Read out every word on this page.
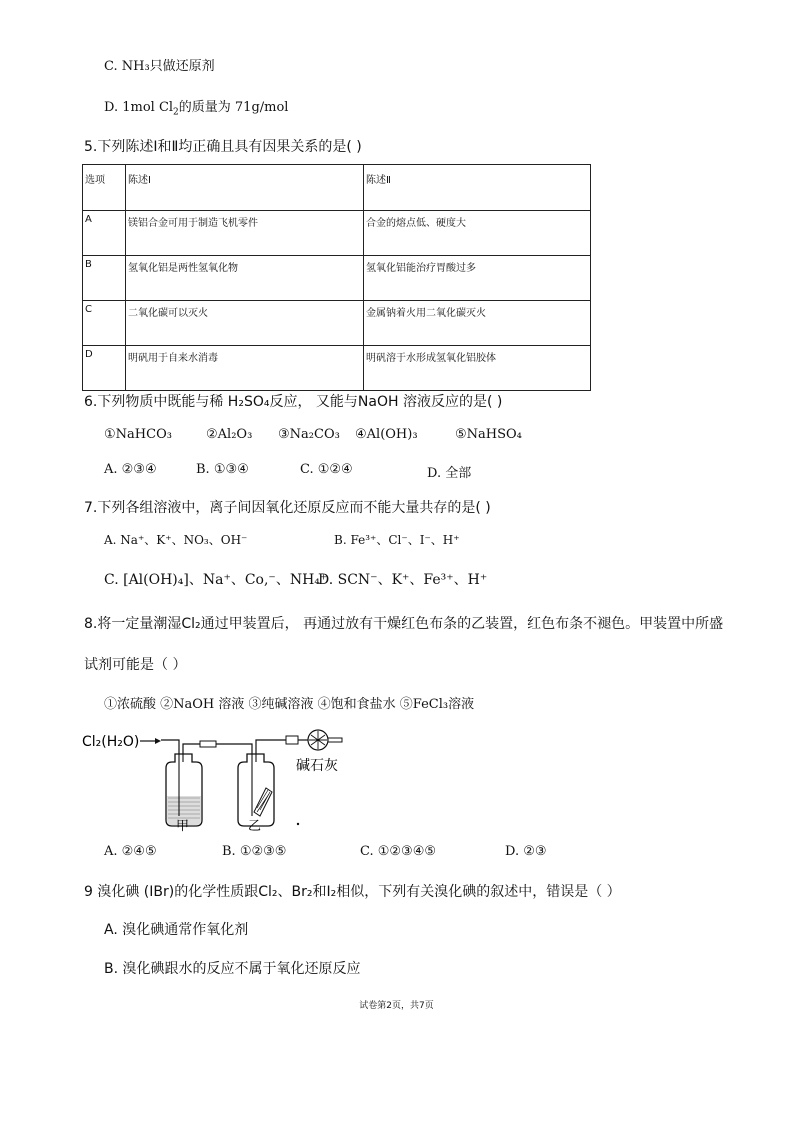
C. NH₃只做还原剂
D. 1mol $Cl_2$的质量为 71g/mol
5.下列陈述Ⅰ和Ⅱ均正确且具有因果关系的是( )
选项	陈述Ⅰ	陈述Ⅱ
A	镁铝合金可用于制造飞机零件	合金的熔点低、硬度大
B	氢氧化铝是两性氢氧化物	氢氧化铝能治疗胃酸过多
C	二氧化碳可以灭火	金属钠着火用二氧化碳灭火
D	明矾用于自来水消毒	明矾溶于水形成氢氧化铝胶体
6.下列物质中既能与稀 H₂SO₄反应， 又能与NaOH 溶液反应的是( )
①NaHCO₃	②Al₂O₃ ③Na₂CO₃ ④Al(OH)₃	⑤NaHSO₄
A. ②③④	B. ①③④	C. ①②④	D. 全部
7.下列各组溶液中，离子间因氧化还原反应而不能大量共存的是( )
A. Na⁺、K⁺、NO₃、OH⁻	B. Fe³⁺、Cl⁻、I⁻、H⁺
C. [Al(OH)₄]、Na⁺、Co,⁻、NH₄⁺
D. SCN⁻、K⁺、Fe³⁺、H⁺
8.将一定量潮湿Cl₂通过甲装置后， 再通过放有干燥红色布条的乙装置，红色布条不褪色。甲装置中所盛
试剂可能是（ ）
①浓硫酸 ②NaOH 溶液 ③纯碱溶液 ④饱和食盐水 ⑤FeCl₃溶液
Cl₂(H₂O)
甲	乙
碱石灰
A. ②④⑤	B. ①②③⑤	C. ①②③④⑤	D. ②③
9 溴化碘 (IBr)的化学性质跟Cl₂、Br₂和I₂相似，下列有关溴化碘的叙述中，错误是（ ）
A. 溴化碘通常作氧化剂
B. 溴化碘跟水的反应不属于氧化还原反应
试卷第2页，共7页
